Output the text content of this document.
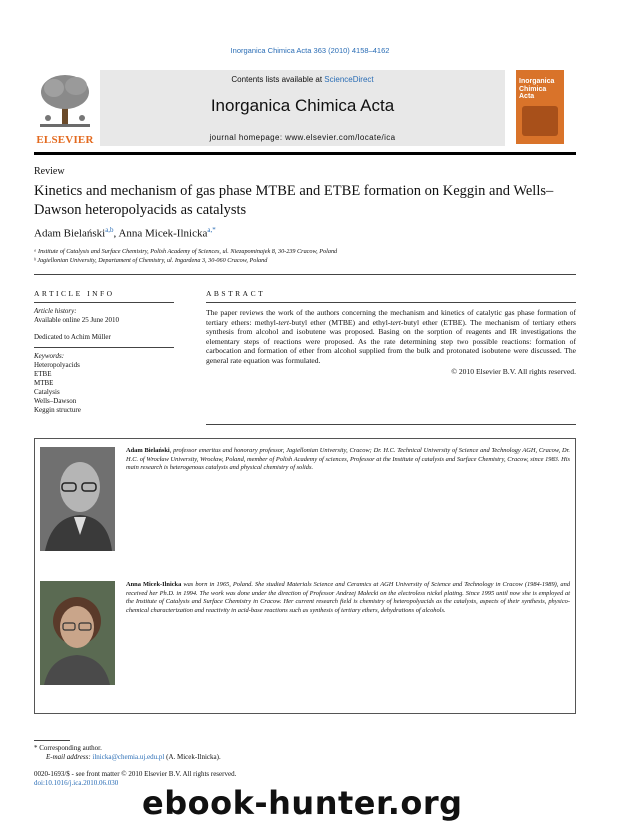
Inorganica Chimica Acta 363 (2010) 4158–4162
ELSEVIER
Contents lists available at ScienceDirect
Inorganica Chimica Acta
journal homepage: www.elsevier.com/locate/ica
Inorganica Chimica Acta
Review
Kinetics and mechanism of gas phase MTBE and ETBE formation on Keggin and Wells–Dawson heteropolyacids as catalysts
Adam Bielański$^{a,b}$, Anna Micek-Ilnicka$^{a,*}$
ᵃ Institute of Catalysis and Surface Chemistry, Polish Academy of Sciences, ul. Niezapominajek 8, 30-239 Cracow, Poland
ᵇ Jagiellonian University, Departament of Chemistry, ul. Ingardena 3, 30-060 Cracow, Poland
ARTICLE INFO
Article history:
Available online 25 June 2010
Dedicated to Achim Müller
Keywords:
Heteropolyacids
ETBE
MTBE
Catalysis
Wells–Dawson
Keggin structure
ABSTRACT
The paper reviews the work of the authors concerning the mechanism and kinetics of catalytic gas phase formation of tertiary ethers: methyl-tert-butyl ether (MTBE) and ethyl-tert-butyl ether (ETBE). The mechanism of tertiary ethers synthesis from alcohol and isobutene was proposed. Basing on the sorption of reagents and IR investigations the elementary steps of reactions were proposed. As the rate determining step two possible reactions: formation of carbocation and formation of ether from alcohol supplied from the bulk and protonated isobutene were discussed. The general rate equation was formulated.
© 2010 Elsevier B.V. All rights reserved.
Adam Bielański, professor emeritus and honorary professor, Jagiellonian University, Cracow; Dr. H.C. Technical University of Science and Technology AGH, Cracow, Dr. H.C. of Wrocław University, Wrocław, Poland, member of Polish Academy of sciences, Professor at the Institute of catalysis and Surface Chemistry, Cracow, since 1983. His main research is heterogenous catalysis and physical chemistry of solids.
Anna Micek-Ilnicka was born in 1965, Poland. She studied Materials Science and Ceramics at AGH University of Science and Technology in Cracow (1984-1989), and received her Ph.D. in 1994. The work was done under the direction of Professor Andrzej Małecki on the electroless nickel plating. Since 1995 until now she is employed at the Institute of Catalysis and Surface Chemistry in Cracow. Her current research field is chemistry of heteropolyacids as the catalysts, aspects of their synthesis, physico-chemical characterization and reactivity in acid-base reactions such as synthesis of tertiary ethers, dehydrations of alcohols.
* Corresponding author.
E-mail address: ilnicka@chemia.uj.edu.pl (A. Micek-Ilnicka).
0020-1693/$ - see front matter © 2010 Elsevier B.V. All rights reserved.
doi:10.1016/j.ica.2010.06.030
ebook-hunter.org
